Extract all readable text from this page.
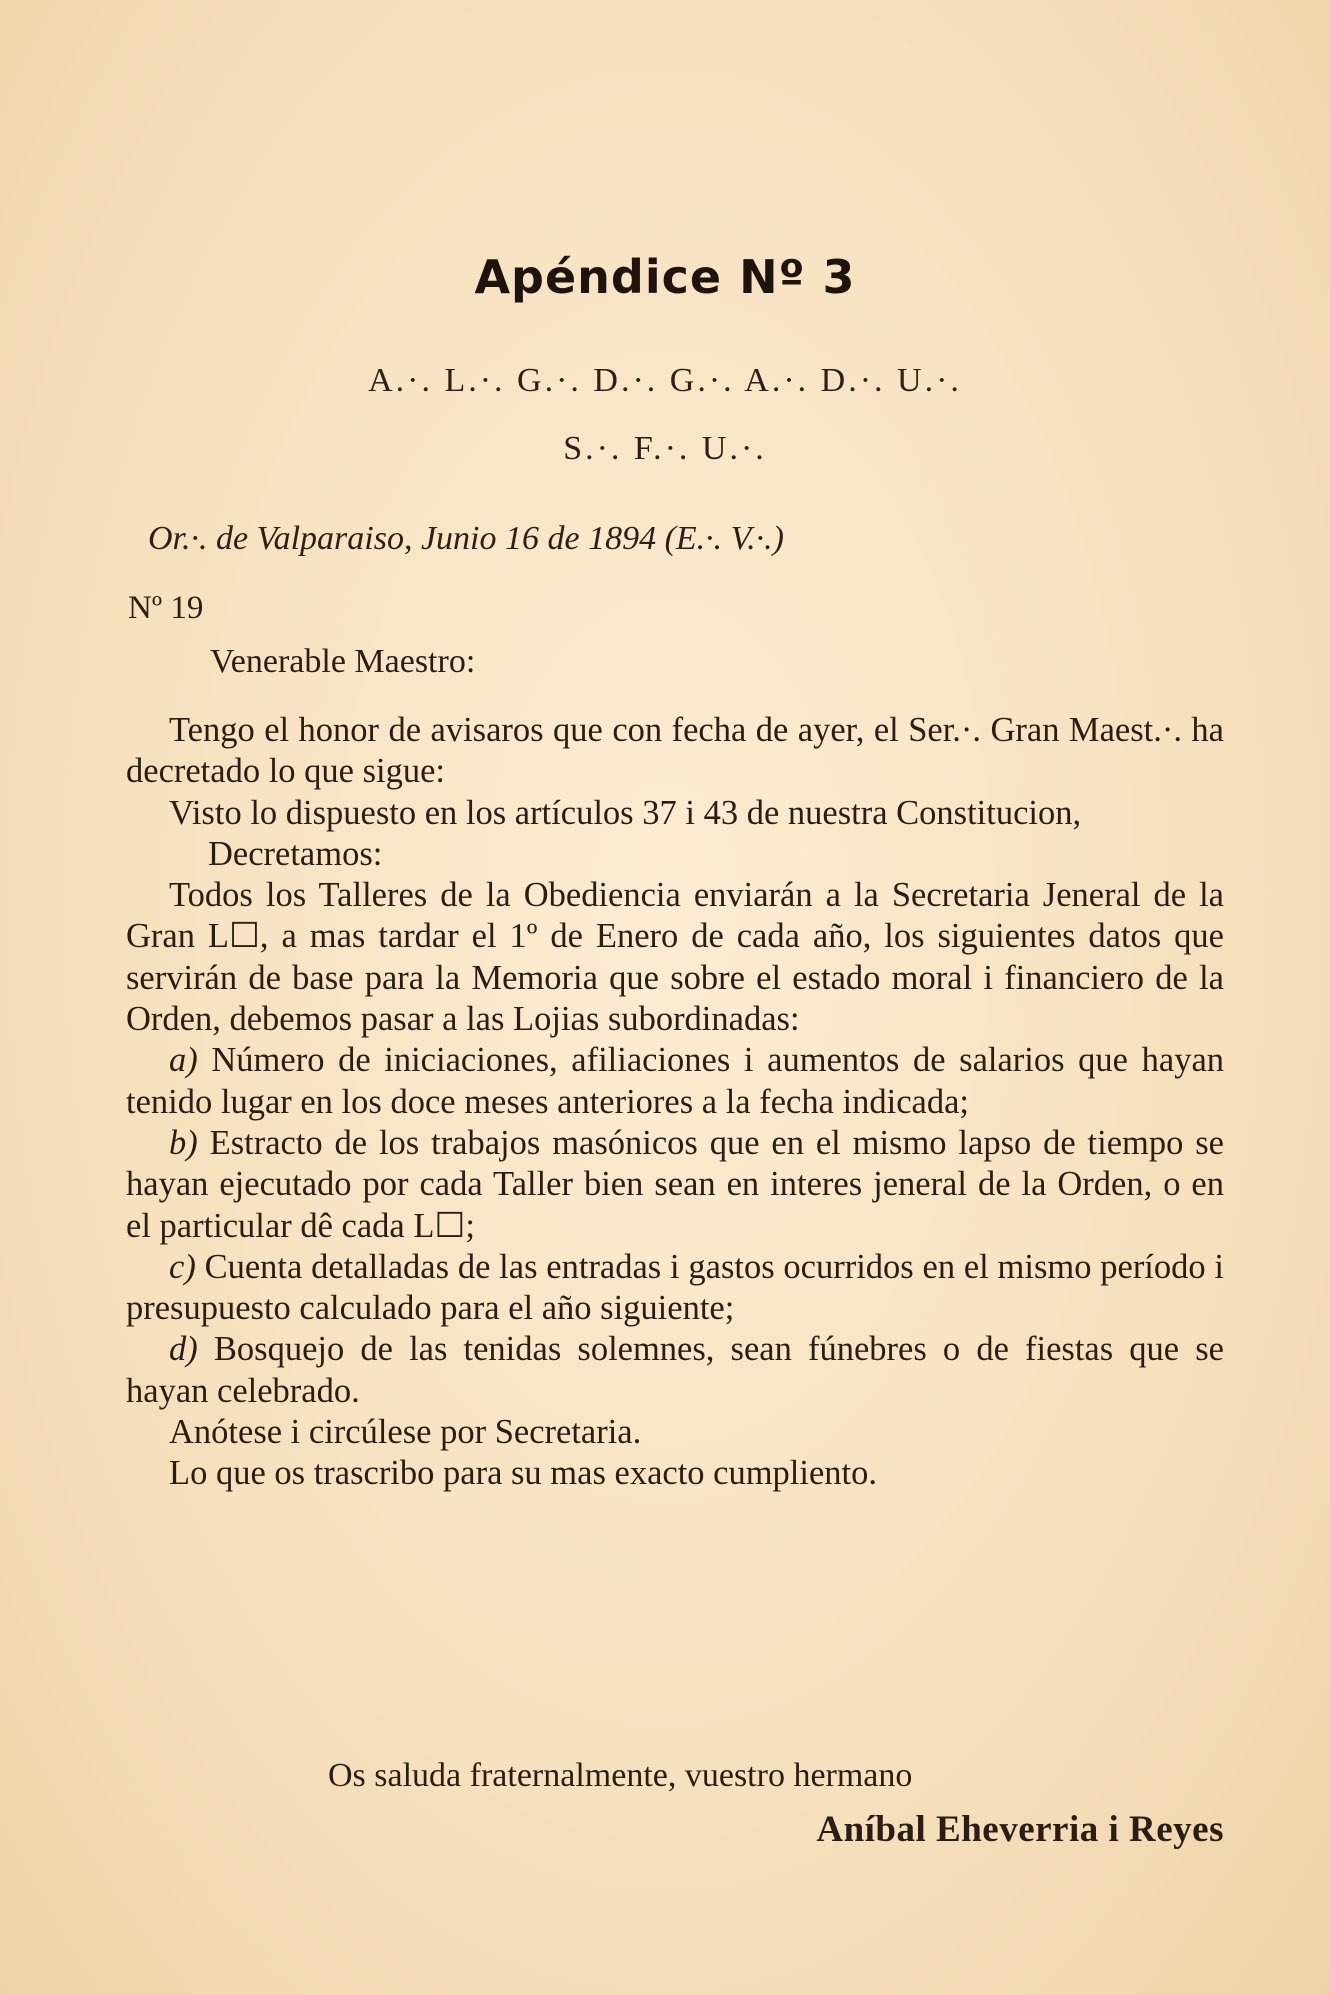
Apéndice Nº 3
A.·. L.·. G.·. D.·. G.·. A.·. D.·. U.·.
S.·. F.·. U.·.
Or.·. de Valparaiso, Junio 16 de 1894 (E.·. V.·.)
Nº 19
Venerable Maestro:

Tengo el honor de avisaros que con fecha de ayer, el Ser.·. Gran Maest.·. ha decretado lo que sigue:

Visto lo dispuesto en los artículos 37 i 43 de nuestra Constitucion,

Decretamos:

Todos los Talleres de la Obediencia enviarán a la Secretaria Jeneral de la Gran L☐, a mas tardar el 1º de Enero de cada año, los siguientes datos que servirán de base para la Memoria que sobre el estado moral i financiero de la Orden, debemos pasar a las Lojias subordinadas:

a) Número de iniciaciones, afiliaciones i aumentos de salarios que hayan tenido lugar en los doce meses anteriores a la fecha indicada;

b) Estracto de los trabajos masónicos que en el mismo lapso de tiempo se hayan ejecutado por cada Taller bien sean en interes jeneral de la Orden, o en el particular dê cada L☐;

c) Cuenta detalladas de las entradas i gastos ocurridos en el mismo período i presupuesto calculado para el año siguiente;

d) Bosquejo de las tenidas solemnes, sean fúnebres o de fiestas que se hayan celebrado.

Anótese i circúlese por Secretaria.

Lo que os trascribo para su mas exacto cumpliento.

Os saluda fraternalmente, vuestro hermano
Aníbal Eheverria i Reyes
